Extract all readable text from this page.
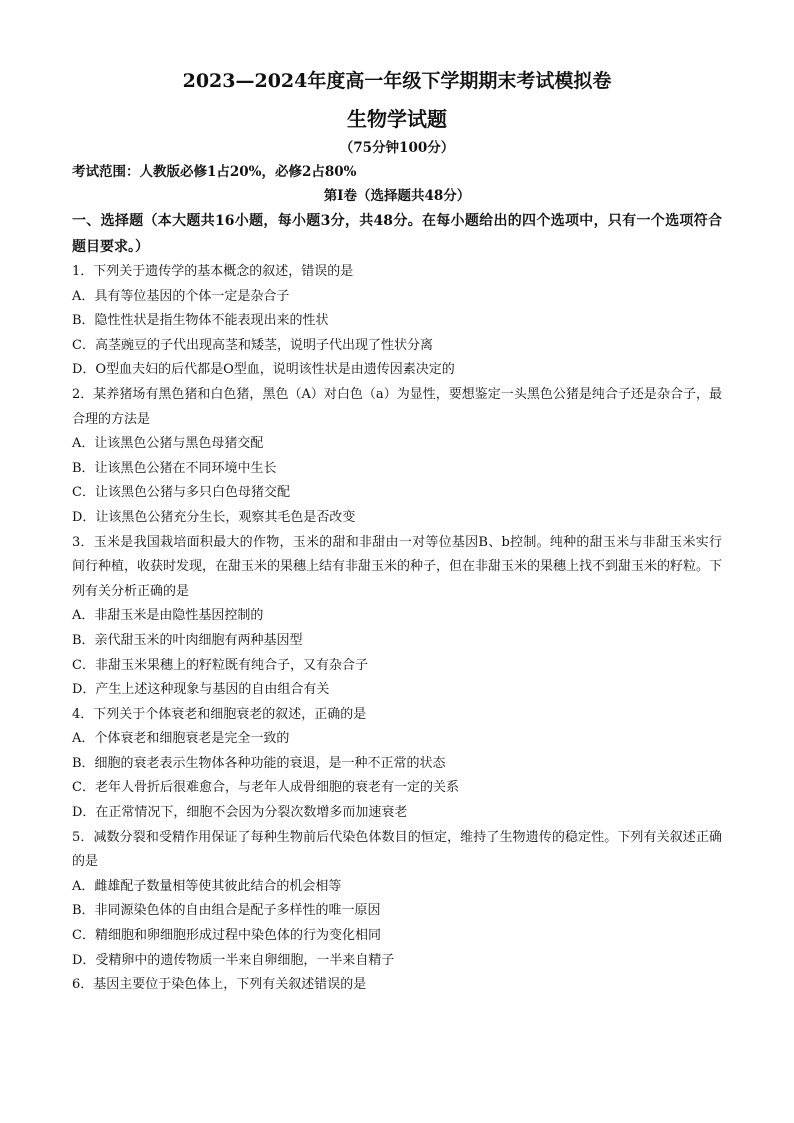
2023—2024年度高一年级下学期期末考试模拟卷
生物学试题
（75分钟100分）
考试范围：人教版必修1占20%，必修2占80%
第Ⅰ卷（选择题共48分）
一、选择题（本大题共16小题，每小题3分，共48分。在每小题给出的四个选项中，只有一个选项符合题目要求。）
1．下列关于遗传学的基本概念的叙述，错误的是
A．具有等位基因的个体一定是杂合子
B．隐性性状是指生物体不能表现出来的性状
C．高茎豌豆的子代出现高茎和矮茎，说明子代出现了性状分离
D．O型血夫妇的后代都是O型血，说明该性状是由遗传因素决定的
2．某养猪场有黑色猪和白色猪，黑色（A）对白色（a）为显性，要想鉴定一头黑色公猪是纯合子还是杂合子，最合理的方法是
A．让该黑色公猪与黑色母猪交配
B．让该黑色公猪在不同环境中生长
C．让该黑色公猪与多只白色母猪交配
D．让该黑色公猪充分生长，观察其毛色是否改变
3．玉米是我国栽培面积最大的作物，玉米的甜和非甜由一对等位基因B、b控制。纯种的甜玉米与非甜玉米实行间行种植，收获时发现，在甜玉米的果穗上结有非甜玉米的种子，但在非甜玉米的果穗上找不到甜玉米的籽粒。下列有关分析正确的是
A．非甜玉米是由隐性基因控制的
B．亲代甜玉米的叶肉细胞有两种基因型
C．非甜玉米果穗上的籽粒既有纯合子，又有杂合子
D．产生上述这种现象与基因的自由组合有关
4．下列关于个体衰老和细胞衰老的叙述，正确的是
A．个体衰老和细胞衰老是完全一致的
B．细胞的衰老表示生物体各种功能的衰退，是一种不正常的状态
C．老年人骨折后很难愈合，与老年人成骨细胞的衰老有一定的关系
D．在正常情况下，细胞不会因为分裂次数增多而加速衰老
5．减数分裂和受精作用保证了每种生物前后代染色体数目的恒定，维持了生物遗传的稳定性。下列有关叙述正确的是
A．雌雄配子数量相等使其彼此结合的机会相等
B．非同源染色体的自由组合是配子多样性的唯一原因
C．精细胞和卵细胞形成过程中染色体的行为变化相同
D．受精卵中的遗传物质一半来自卵细胞，一半来自精子
6．基因主要位于染色体上，下列有关叙述错误的是
